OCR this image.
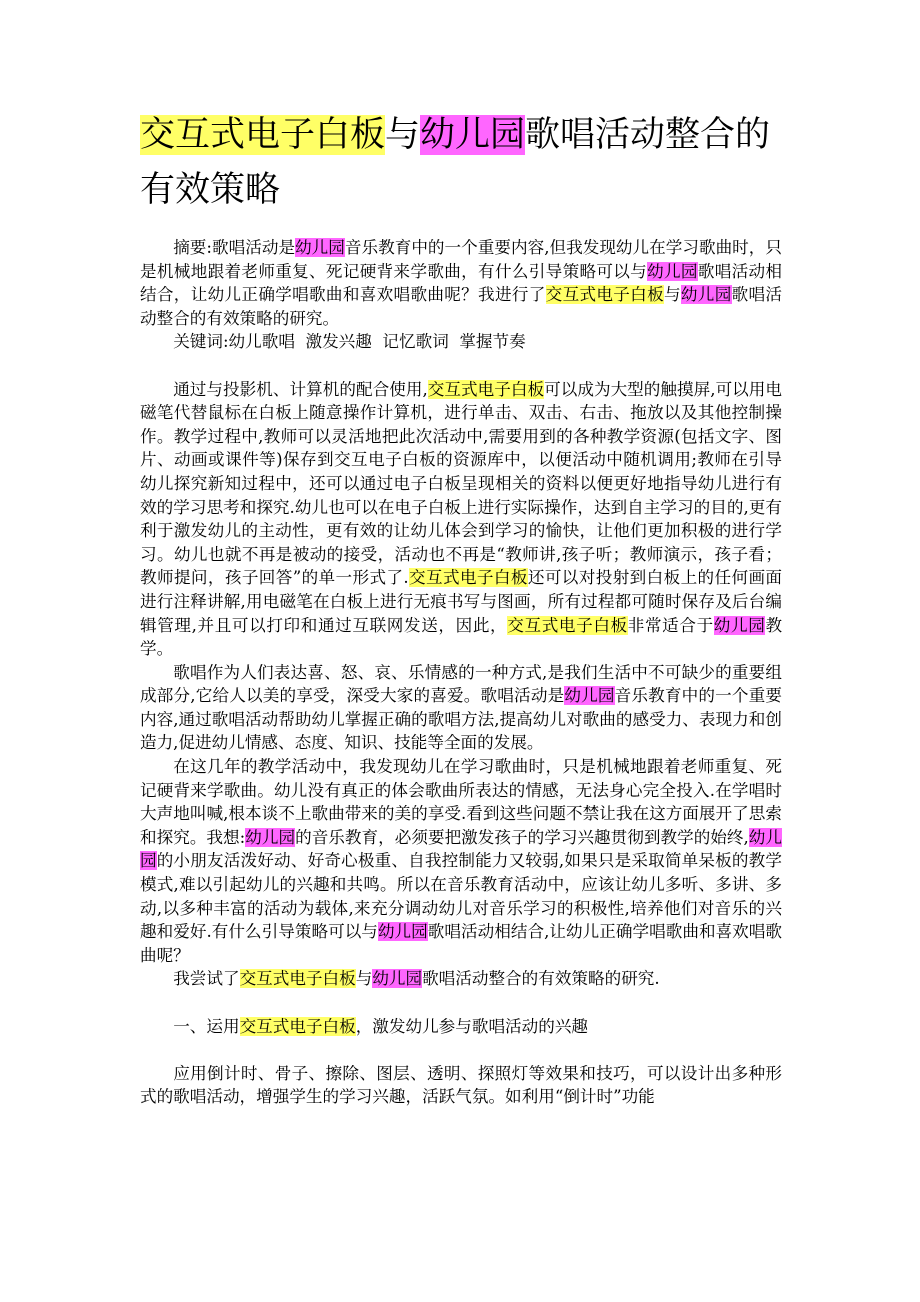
交互式电子白板与幼儿园歌唱活动整合的有效策略

摘要:歌唱活动是幼儿园音乐教育中的一个重要内容,但我发现幼儿在学习歌曲时，只是机械地跟着老师重复、死记硬背来学歌曲，有什么引导策略可以与幼儿园歌唱活动相结合，让幼儿正确学唱歌曲和喜欢唱歌曲呢？我进行了交互式电子白板与幼儿园歌唱活动整合的有效策略的研究。

关键词:幼儿歌唱  激发兴趣  记忆歌词  掌握节奏

通过与投影机、计算机的配合使用,交互式电子白板可以成为大型的触摸屏,可以用电磁笔代替鼠标在白板上随意操作计算机，进行单击、双击、右击、拖放以及其他控制操作。教学过程中,教师可以灵活地把此次活动中,需要用到的各种教学资源(包括文字、图片、动画或课件等)保存到交互电子白板的资源库中，以便活动中随机调用;教师在引导幼儿探究新知过程中，还可以通过电子白板呈现相关的资料以便更好地指导幼儿进行有效的学习思考和探究.幼儿也可以在电子白板上进行实际操作，达到自主学习的目的,更有利于激发幼儿的主动性，更有效的让幼儿体会到学习的愉快，让他们更加积极的进行学习。幼儿也就不再是被动的接受，活动也不再是“教师讲,孩子听；教师演示，孩子看；教师提问，孩子回答”的单一形式了.交互式电子白板还可以对投射到白板上的任何画面进行注释讲解,用电磁笔在白板上进行无痕书写与图画，所有过程都可随时保存及后台编辑管理,并且可以打印和通过互联网发送，因此，交互式电子白板非常适合于幼儿园教学。

歌唱作为人们表达喜、怒、哀、乐情感的一种方式,是我们生活中不可缺少的重要组成部分,它给人以美的享受，深受大家的喜爱。歌唱活动是幼儿园音乐教育中的一个重要内容,通过歌唱活动帮助幼儿掌握正确的歌唱方法,提高幼儿对歌曲的感受力、表现力和创造力,促进幼儿情感、态度、知识、技能等全面的发展。

在这几年的教学活动中，我发现幼儿在学习歌曲时，只是机械地跟着老师重复、死记硬背来学歌曲。幼儿没有真正的体会歌曲所表达的情感，无法身心完全投入.在学唱时大声地叫喊,根本谈不上歌曲带来的美的享受.看到这些问题不禁让我在这方面展开了思索和探究。我想:幼儿园的音乐教育，必须要把激发孩子的学习兴趣贯彻到教学的始终,幼儿园的小朋友活泼好动、好奇心极重、自我控制能力又较弱,如果只是采取简单呆板的教学模式,难以引起幼儿的兴趣和共鸣。所以在音乐教育活动中，应该让幼儿多听、多讲、多动,以多种丰富的活动为载体,来充分调动幼儿对音乐学习的积极性,培养他们对音乐的兴趣和爱好.有什么引导策略可以与幼儿园歌唱活动相结合,让幼儿正确学唱歌曲和喜欢唱歌曲呢？

我尝试了交互式电子白板与幼儿园歌唱活动整合的有效策略的研究.

一、运用交互式电子白板，激发幼儿参与歌唱活动的兴趣

应用倒计时、骨子、擦除、图层、透明、探照灯等效果和技巧，可以设计出多种形式的歌唱活动，增强学生的学习兴趣，活跃气氛。如利用“倒计时”功能
